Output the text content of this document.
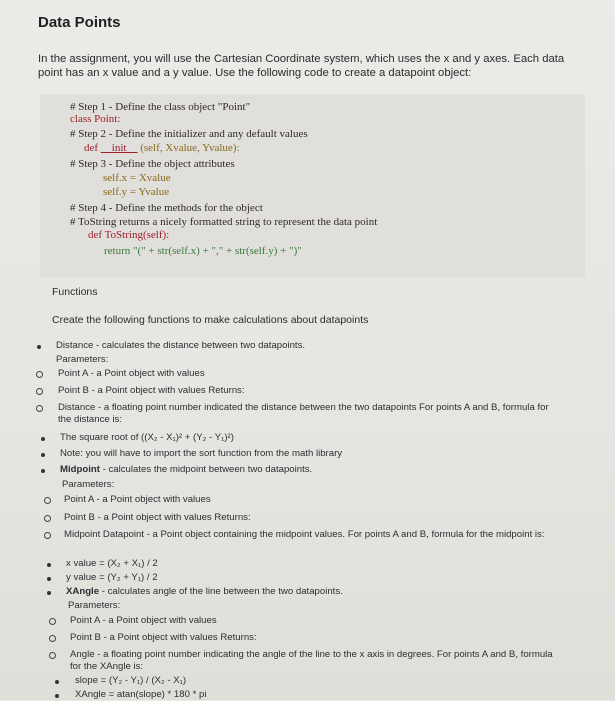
Data Points
In the assignment, you will use the Cartesian Coordinate system, which uses the x and y axes. Each data point has an x value and a y value. Use the following code to create a datapoint object:
# Step 1 - Define the class object "Point"
class Point:
# Step 2 - Define the initializer and any default values
def __init__ (self, Xvalue, Yvalue):
# Step 3 - Define the object attributes
self.x = Xvalue
self.y = Yvalue
# Step 4 - Define the methods for the object
# ToString returns a nicely formatted string to represent the data point
def ToString(self):
return "(" + str(self.x) + "," + str(self.y) + ")"
Functions
Create the following functions to make calculations about datapoints
Distance - calculates the distance between two datapoints.
Parameters:
Point A - a Point object with values
Point B - a Point object with values Returns:
Distance - a floating point number indicated the distance between the two datapoints For points A and B, formula for the distance is:
The square root of ((X₂ - X₁)² + (Y₂ - Y₁)²)
Note: you will have to import the sort function from the math library
Midpoint - calculates the midpoint between two datapoints.
Parameters:
Point A - a Point object with values
Point B - a Point object with values Returns:
Midpoint Datapoint - a Point object containing the midpoint values. For points A and B, formula for the midpoint is:
x value = (X₂ + X₁) / 2
y value = (Y₂ + Y₁) / 2
XAngle - calculates angle of the line between the two datapoints.
Parameters:
Point A - a Point object with values
Point B - a Point object with values Returns:
Angle - a floating point number indicating the angle of the line to the x axis in degrees. For points A and B, formula for the XAngle is:
slope = (Y₂ - Y₁) / (X₂ - X₁)
XAngle = atan(slope) * 180 * pi
